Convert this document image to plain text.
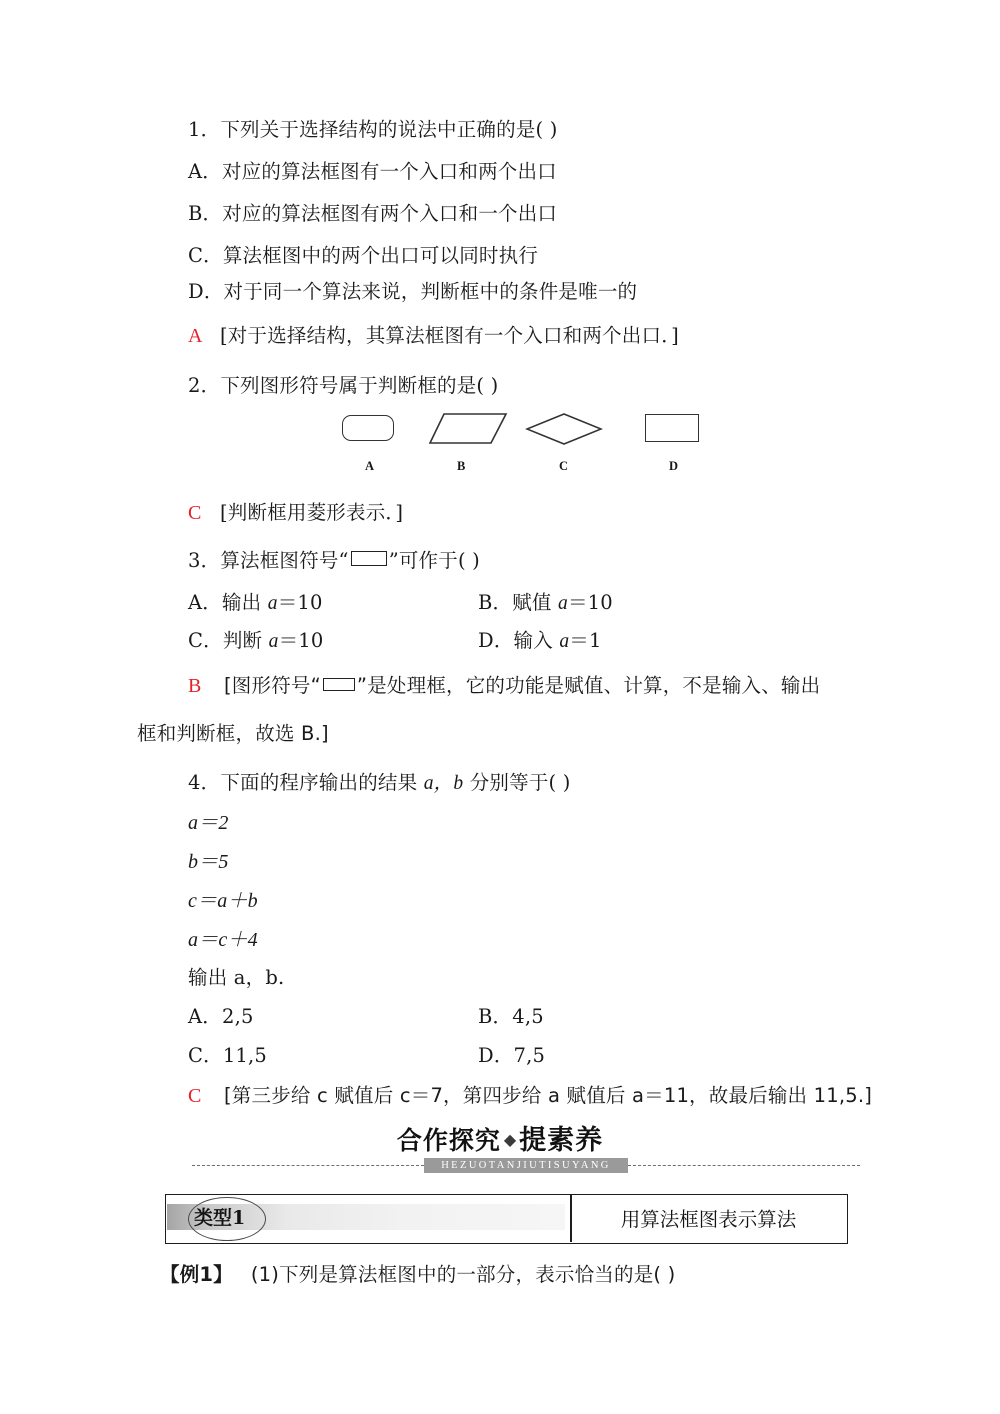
1．下列关于选择结构的说法中正确的是( )
A．对应的算法框图有一个入口和两个出口
B．对应的算法框图有两个入口和一个出口
C．算法框图中的两个出口可以同时执行
D．对于同一个算法来说，判断框中的条件是唯一的
A [对于选择结构，其算法框图有一个入口和两个出口．]
2．下列图形符号属于判断框的是( )
A	B	C	D
C [判断框用菱形表示．]
3．算法框图符号“ ”可作于( )
A．输出 a＝10	B．赋值 a＝10
C．判断 a＝10	D．输入 a＝1
B [图形符号“ ”是处理框，它的功能是赋值、计算，不是输入、输出
框和判断框，故选 B.]
4．下面的程序输出的结果 a，b 分别等于( )
a＝2
b＝5
c＝a＋b
a＝c＋4
输出 a，b.
A．2,5	B．4,5
C．11,5	D．7,5
C [第三步给 c 赋值后 c＝7，第四步给 a 赋值后 a＝11，故最后输出 11,5.]
合作探究 ◆ 提素养
HEZUOTANJIUTISUYANG
类型1	用算法框图表示算法
【例1】 (1)下列是算法框图中的一部分，表示恰当的是( )
